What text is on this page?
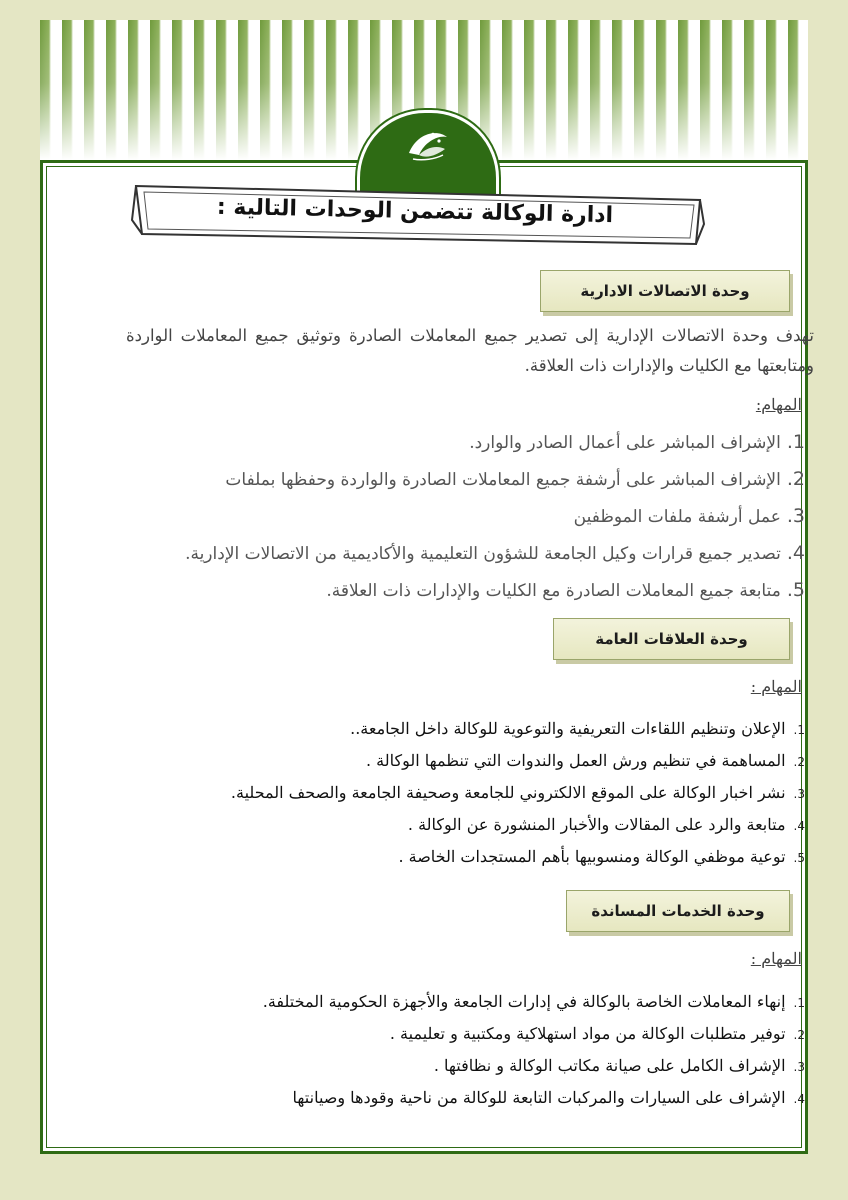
ادارة الوكالة تتضمن الوحدات التالية :
وحدة الاتصالات الادارية
تهدف وحدة الاتصالات الإدارية إلى تصدير جميع المعاملات الصادرة وتوثيق جميع المعاملات الواردة ومتابعتها مع الكليات والإدارات ذات العلاقة.
المهام:
1.الإشراف المباشر على أعمال الصادر والوارد.
2.الإشراف المباشر على أرشفة جميع المعاملات الصادرة والواردة وحفظها بملفات
3.عمل أرشفة ملفات الموظفين
4.تصدير جميع قرارات وكيل الجامعة للشؤون التعليمية والأكاديمية من الاتصالات الإدارية.
5.متابعة جميع المعاملات الصادرة مع الكليات والإدارات ذات العلاقة.
وحدة العلاقات العامة
المهام :
1.الإعلان وتنظيم اللقاءات التعريفية والتوعوية للوكالة داخل الجامعة..
2.المساهمة في تنظيم ورش العمل والندوات التي تنظمها الوكالة .
3.نشر اخبار الوكالة على الموقع الالكتروني للجامعة وصحيفة الجامعة والصحف المحلية.
4.متابعة والرد على المقالات والأخبار المنشورة عن الوكالة .
5.توعية موظفي الوكالة ومنسوبيها بأهم المستجدات الخاصة .
وحدة الخدمات المساندة
المهام :
1.إنهاء المعاملات الخاصة بالوكالة في إدارات الجامعة والأجهزة الحكومية المختلفة.
2.توفير متطلبات الوكالة من مواد استهلاكية ومكتبية و تعليمية .
3.الإشراف الكامل على صيانة مكاتب الوكالة و نظافتها .
4.الإشراف على السيارات والمركبات التابعة للوكالة من ناحية وقودها وصيانتها
